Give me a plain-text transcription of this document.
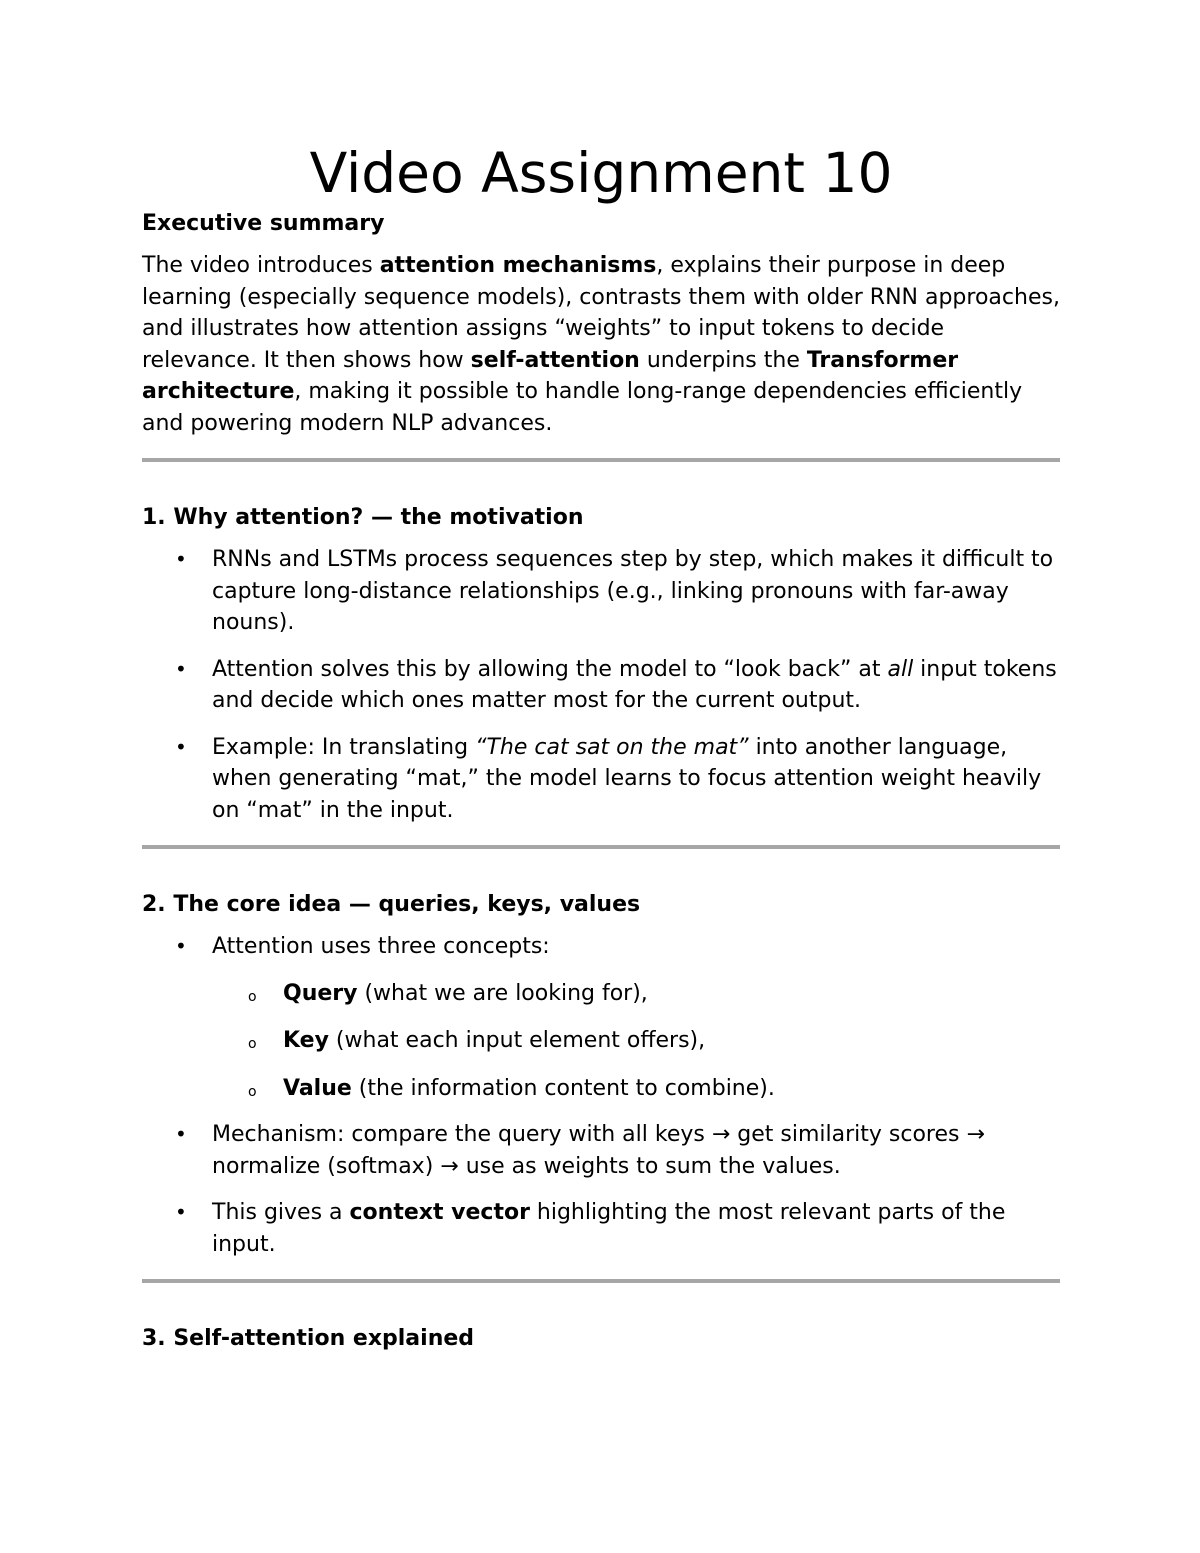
Video Assignment 10
Executive summary

The video introduces attention mechanisms, explains their purpose in deep learning (especially sequence models), contrasts them with older RNN approaches, and illustrates how attention assigns “weights” to input tokens to decide relevance. It then shows how self-attention underpins the Transformer architecture, making it possible to handle long-range dependencies efficiently and powering modern NLP advances.

1. Why attention? — the motivation
• RNNs and LSTMs process sequences step by step, which makes it difficult to capture long-distance relationships (e.g., linking pronouns with far-away nouns).
• Attention solves this by allowing the model to “look back” at all input tokens and decide which ones matter most for the current output.
• Example: In translating “The cat sat on the mat” into another language, when generating “mat,” the model learns to focus attention weight heavily on “mat” in the input.
2. The core idea — queries, keys, values
• Attention uses three concepts:
o Query (what we are looking for),
o Key (what each input element offers),
o Value (the information content to combine).
• Mechanism: compare the query with all keys → get similarity scores → normalize (softmax) → use as weights to sum the values.
• This gives a context vector highlighting the most relevant parts of the input.
3. Self-attention explained
